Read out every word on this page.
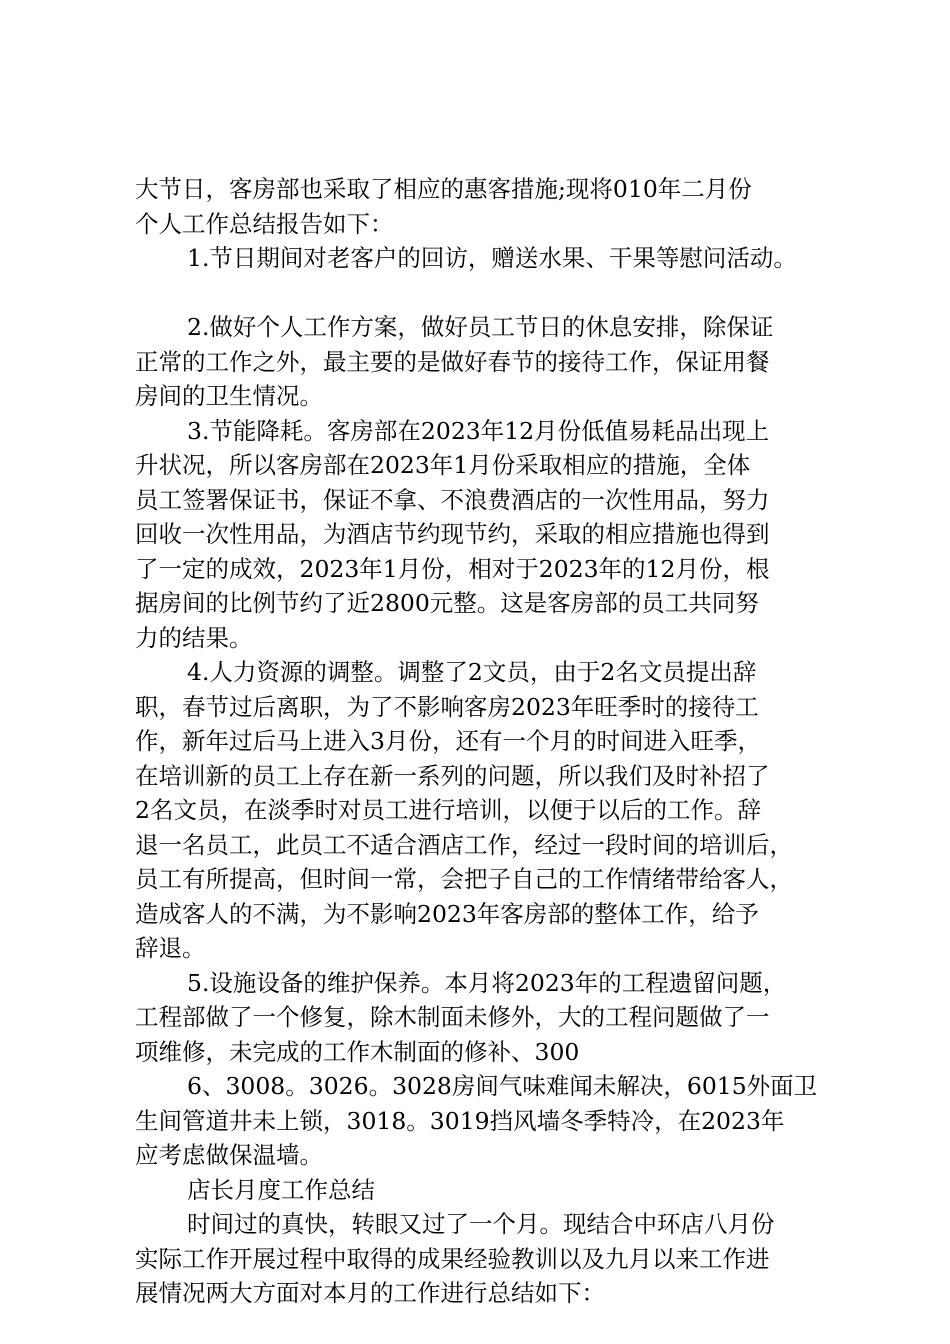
大节日，客房部也采取了相应的惠客措施;现将010年二月份
个人工作总结报告如下：
1.节日期间对老客户的回访，赠送水果、干果等慰问活动。
2.做好个人工作方案，做好员工节日的休息安排，除保证
正常的工作之外，最主要的是做好春节的接待工作，保证用餐
房间的卫生情况。
3.节能降耗。客房部在2023年12月份低值易耗品出现上
升状况，所以客房部在2023年1月份采取相应的措施，全体
员工签署保证书，保证不拿、不浪费酒店的一次性用品，努力
回收一次性用品，为酒店节约现节约，采取的相应措施也得到
了一定的成效，2023年1月份，相对于2023年的12月份，根
据房间的比例节约了近2800元整。这是客房部的员工共同努
力的结果。
4.人力资源的调整。调整了2文员，由于2名文员提出辞
职，春节过后离职，为了不影响客房2023年旺季时的接待工
作，新年过后马上进入3月份，还有一个月的时间进入旺季，
在培训新的员工上存在新一系列的问题，所以我们及时补招了
2名文员，在淡季时对员工进行培训，以便于以后的工作。辞
退一名员工，此员工不适合酒店工作，经过一段时间的培训后，
员工有所提高，但时间一常，会把子自己的工作情绪带给客人，
造成客人的不满，为不影响2023年客房部的整体工作，给予
辞退。
5.设施设备的维护保养。本月将2023年的工程遗留问题，
工程部做了一个修复，除木制面未修外，大的工程问题做了一
项维修，未完成的工作木制面的修补、300
6、3008。3026。3028房间气味难闻未解决，6015外面卫
生间管道井未上锁，3018。3019挡风墙冬季特冷，在2023年
应考虑做保温墙。
店长月度工作总结
时间过的真快，转眼又过了一个月。现结合中环店八月份
实际工作开展过程中取得的成果经验教训以及九月以来工作进
展情况两大方面对本月的工作进行总结如下：
